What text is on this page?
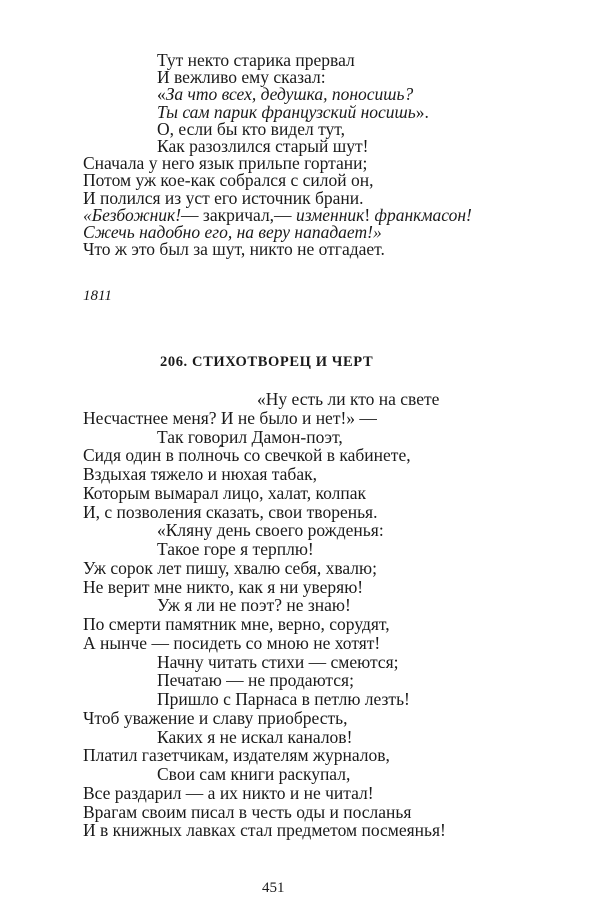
Тут некто старика прервал
И вежливо ему сказал:
«За что всех, дедушка, поносишь?
Ты сам парик французский носишь».
О, если бы кто видел тут,
Как разозлился старый шут!
Сначала у него язык прильпе гортани;
Потом уж кое-как собрался с силой он,
И полился из уст его источник брани.
«Безбожник!— закричал,— изменник! франкмасон!
Сжечь надобно его, на веру нападает!»
Что ж это был за шут, никто не отгадает.
1811
206. СТИХОТВОРЕЦ И ЧЕРТ
«Ну есть ли кто на свете
Несчастнее меня? И не было и нет!» —
Так говорил Дамон-поэт,
Сидя один в полно́чь со свечкой в кабинете,
Вздыхая тяжело и нюхая табак,
Которым вымарал лицо, халат, колпак
И, с позволения сказать, свои творенья.
«Кляну день своего рожденья:
Такое горе я терплю!
Уж сорок лет пишу, хвалю себя, хвалю;
Не верит мне никто, как я ни уверяю!
Уж я ли не поэт? не знаю!
По смерти памятник мне, верно, сорудят,
А нынче — посидеть со мною не хотят!
Начну читать стихи — смеются;
Печатаю — не продаются;
Пришло с Парнаса в петлю лезть!
Чтоб уважение и славу приобресть,
Каких я не искал каналов!
Платил газетчикам, издателям журналов,
Свои сам книги раскупал,
Все раздарил — а их никто и не читал!
Врагам своим писал в честь оды и посланья
И в книжных лавках стал предметом посмеянья!
451
